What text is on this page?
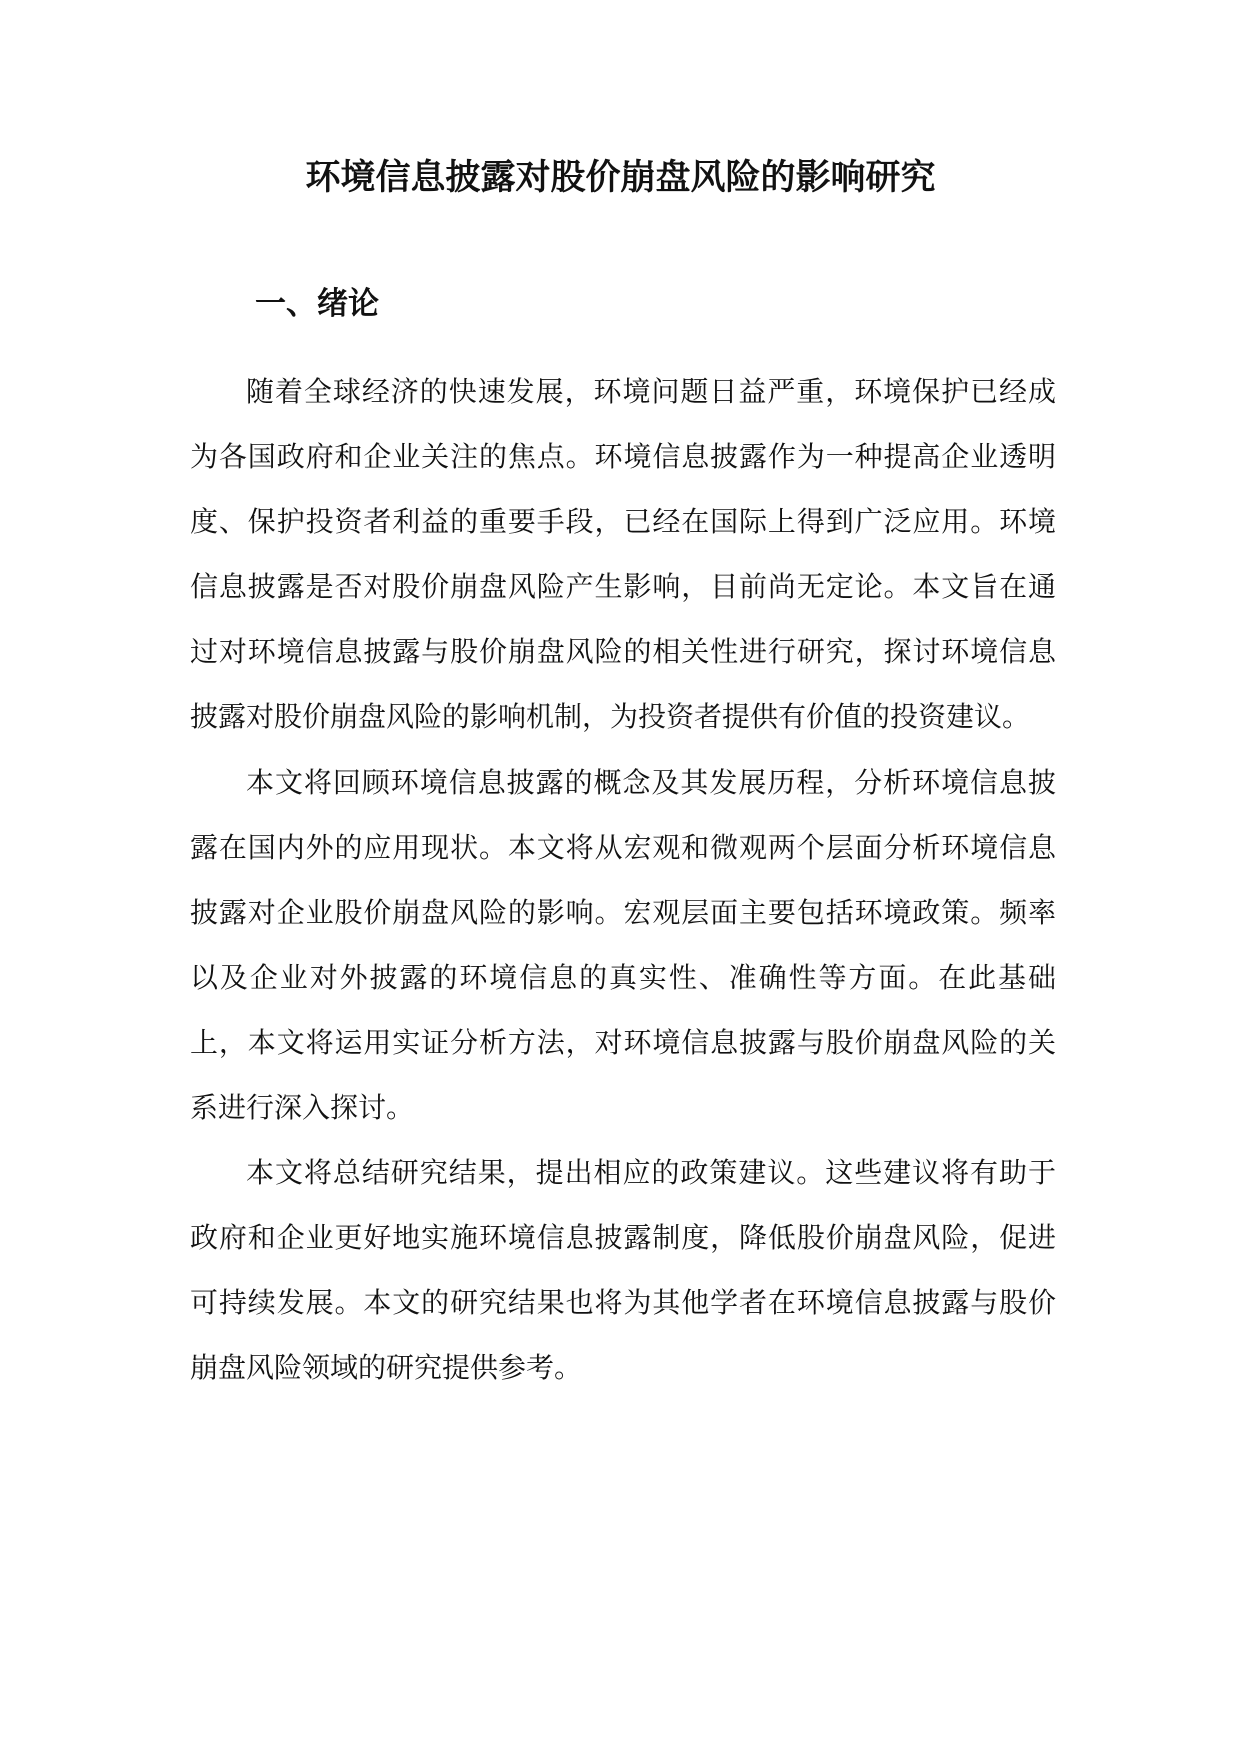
环境信息披露对股价崩盘风险的影响研究
一、绪论

随着全球经济的快速发展，环境问题日益严重，环境保护已经成为各国政府和企业关注的焦点。环境信息披露作为一种提高企业透明度、保护投资者利益的重要手段，已经在国际上得到广泛应用。环境信息披露是否对股价崩盘风险产生影响，目前尚无定论。本文旨在通过对环境信息披露与股价崩盘风险的相关性进行研究，探讨环境信息披露对股价崩盘风险的影响机制，为投资者提供有价值的投资建议。

本文将回顾环境信息披露的概念及其发展历程，分析环境信息披露在国内外的应用现状。本文将从宏观和微观两个层面分析环境信息披露对企业股价崩盘风险的影响。宏观层面主要包括环境政策。频率以及企业对外披露的环境信息的真实性、准确性等方面。在此基础上，本文将运用实证分析方法，对环境信息披露与股价崩盘风险的关系进行深入探讨。

本文将总结研究结果，提出相应的政策建议。这些建议将有助于政府和企业更好地实施环境信息披露制度，降低股价崩盘风险，促进可持续发展。本文的研究结果也将为其他学者在环境信息披露与股价崩盘风险领域的研究提供参考。
